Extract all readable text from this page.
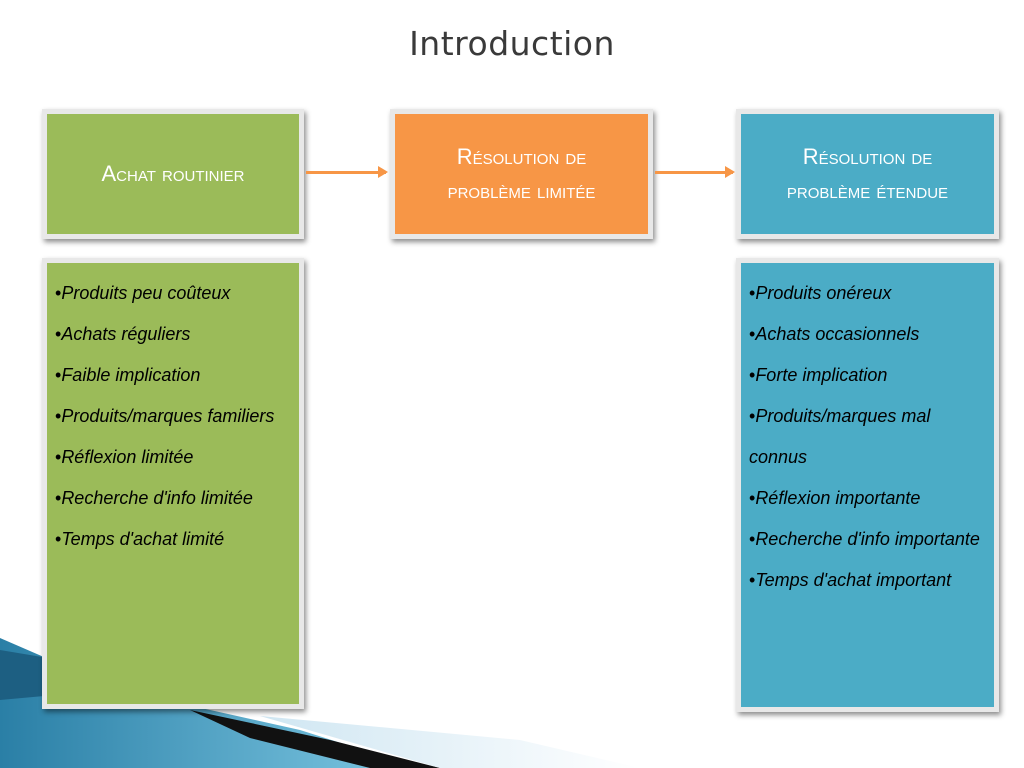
Introduction
Achat routinier
Résolution de
problème limitée
Résolution de
problème étendue
• Produits peu coûteux
• Achats réguliers
• Faible implication
• Produits/marques familiers
• Réflexion limitée
• Recherche d'info limitée
• Temps d'achat limité
• Produits onéreux
• Achats occasionnels
• Forte implication
• Produits/marques mal connus
• Réflexion importante
• Recherche d'info importante
• Temps d'achat important
